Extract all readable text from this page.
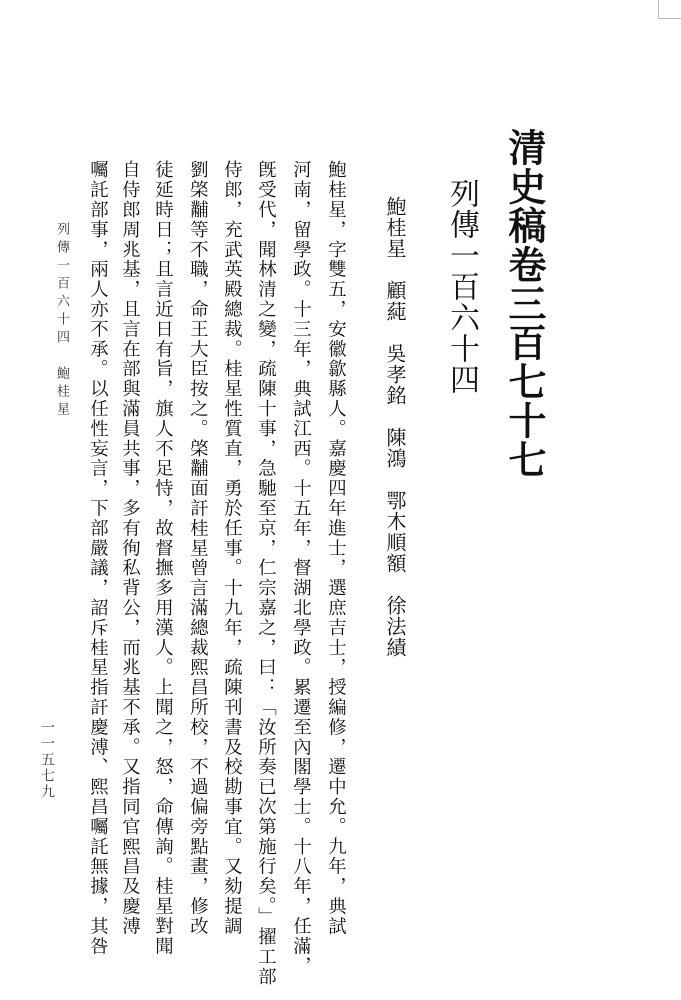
清史稿卷三百七十七
列傳一百六十四
鮑桂星　顧蒓　吳孝銘　陳鴻　鄂木順額　徐法績
鮑桂星，字雙五，安徽歙縣人。嘉慶四年進士，選庶吉士，授編修，遷中允。九年，典試
河南，留學政。十三年，典試江西。十五年，督湖北學政。累遷至內閣學士。十八年，任滿，
旣受代，聞林清之變，疏陳十事，急馳至京，仁宗嘉之，曰：「汝所奏已次第施行矣。」擢工部
侍郎，充武英殿總裁。桂星性質直，勇於任事。十九年，疏陳刊書及校勘事宜。又劾提調
劉棨黼等不職，命王大臣按之。棨黼面訐桂星曾言滿總裁熙昌所校，不過偏旁點畫，修改
徒延時日；且言近日有旨，旗人不足恃，故督撫多用漢人。上聞之，怒，命傳詢。桂星對聞
自侍郎周兆基，且言在部與滿員共事，多有徇私背公，而兆基不承。又指同官熙昌及慶溥
囑託部事，兩人亦不承。以任性妄言，下部嚴議，詔斥桂星指訐慶溥、熙昌囑託無據，其咎
列傳一百六十四　鮑桂星
一一五七九
